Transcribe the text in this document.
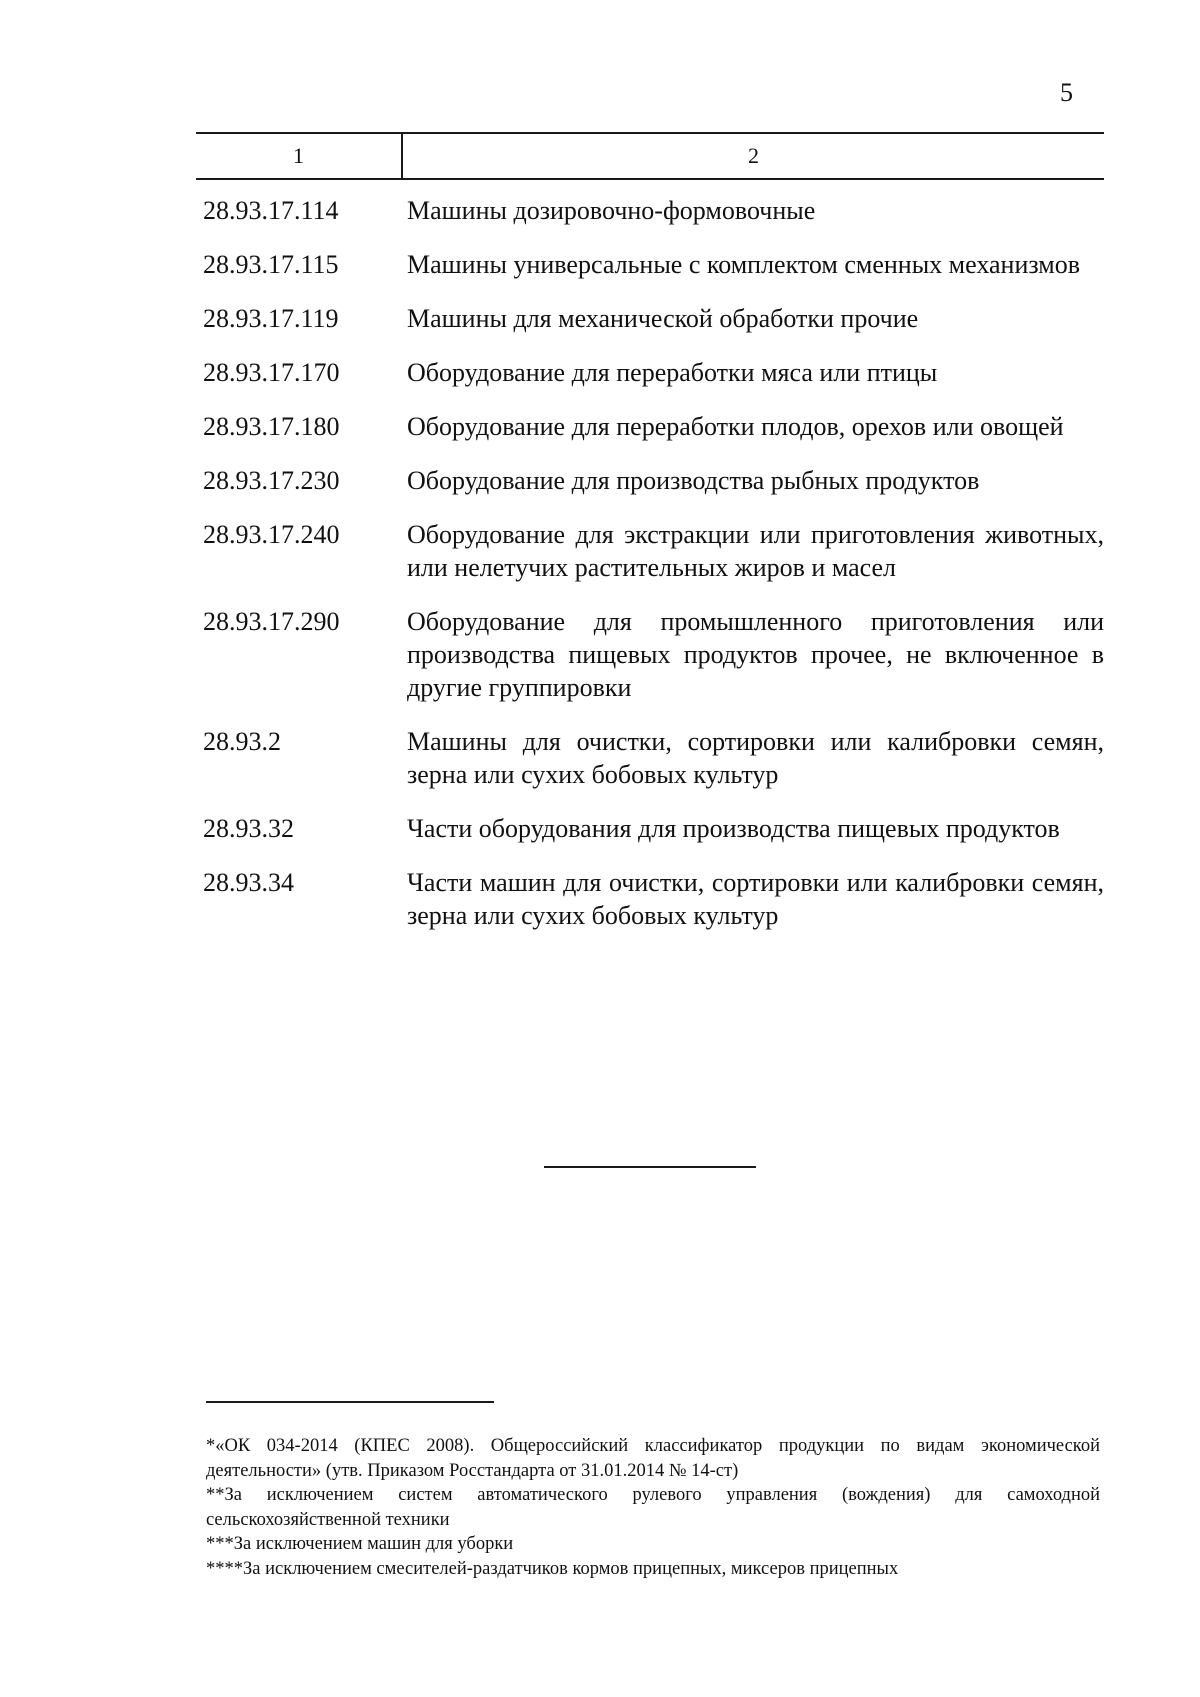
5
1	2
28.93.17.114	Машины дозировочно-формовочные
28.93.17.115	Машины универсальные с комплектом сменных механизмов
28.93.17.119	Машины для механической обработки прочие
28.93.17.170	Оборудование для переработки мяса или птицы
28.93.17.180	Оборудование для переработки плодов, орехов или овощей
28.93.17.230	Оборудование для производства рыбных продуктов
28.93.17.240	Оборудование для экстракции или приготовления животных, или нелетучих растительных жиров и масел
28.93.17.290	Оборудование для промышленного приготовления или производства пищевых продуктов прочее, не включенное в другие группировки
28.93.2	Машины для очистки, сортировки или калибровки семян, зерна или сухих бобовых культур
28.93.32	Части оборудования для производства пищевых продуктов
28.93.34	Части машин для очистки, сортировки или калибровки семян, зерна или сухих бобовых культур
*«ОК 034-2014 (КПЕС 2008). Общероссийский классификатор продукции по видам экономической деятельности» (утв. Приказом Росстандарта от 31.01.2014 № 14-ст)
**За исключением систем автоматического рулевого управления (вождения) для самоходной сельскохозяйственной техники
***За исключением машин для уборки
****За исключением смесителей-раздатчиков кормов прицепных, миксеров прицепных
